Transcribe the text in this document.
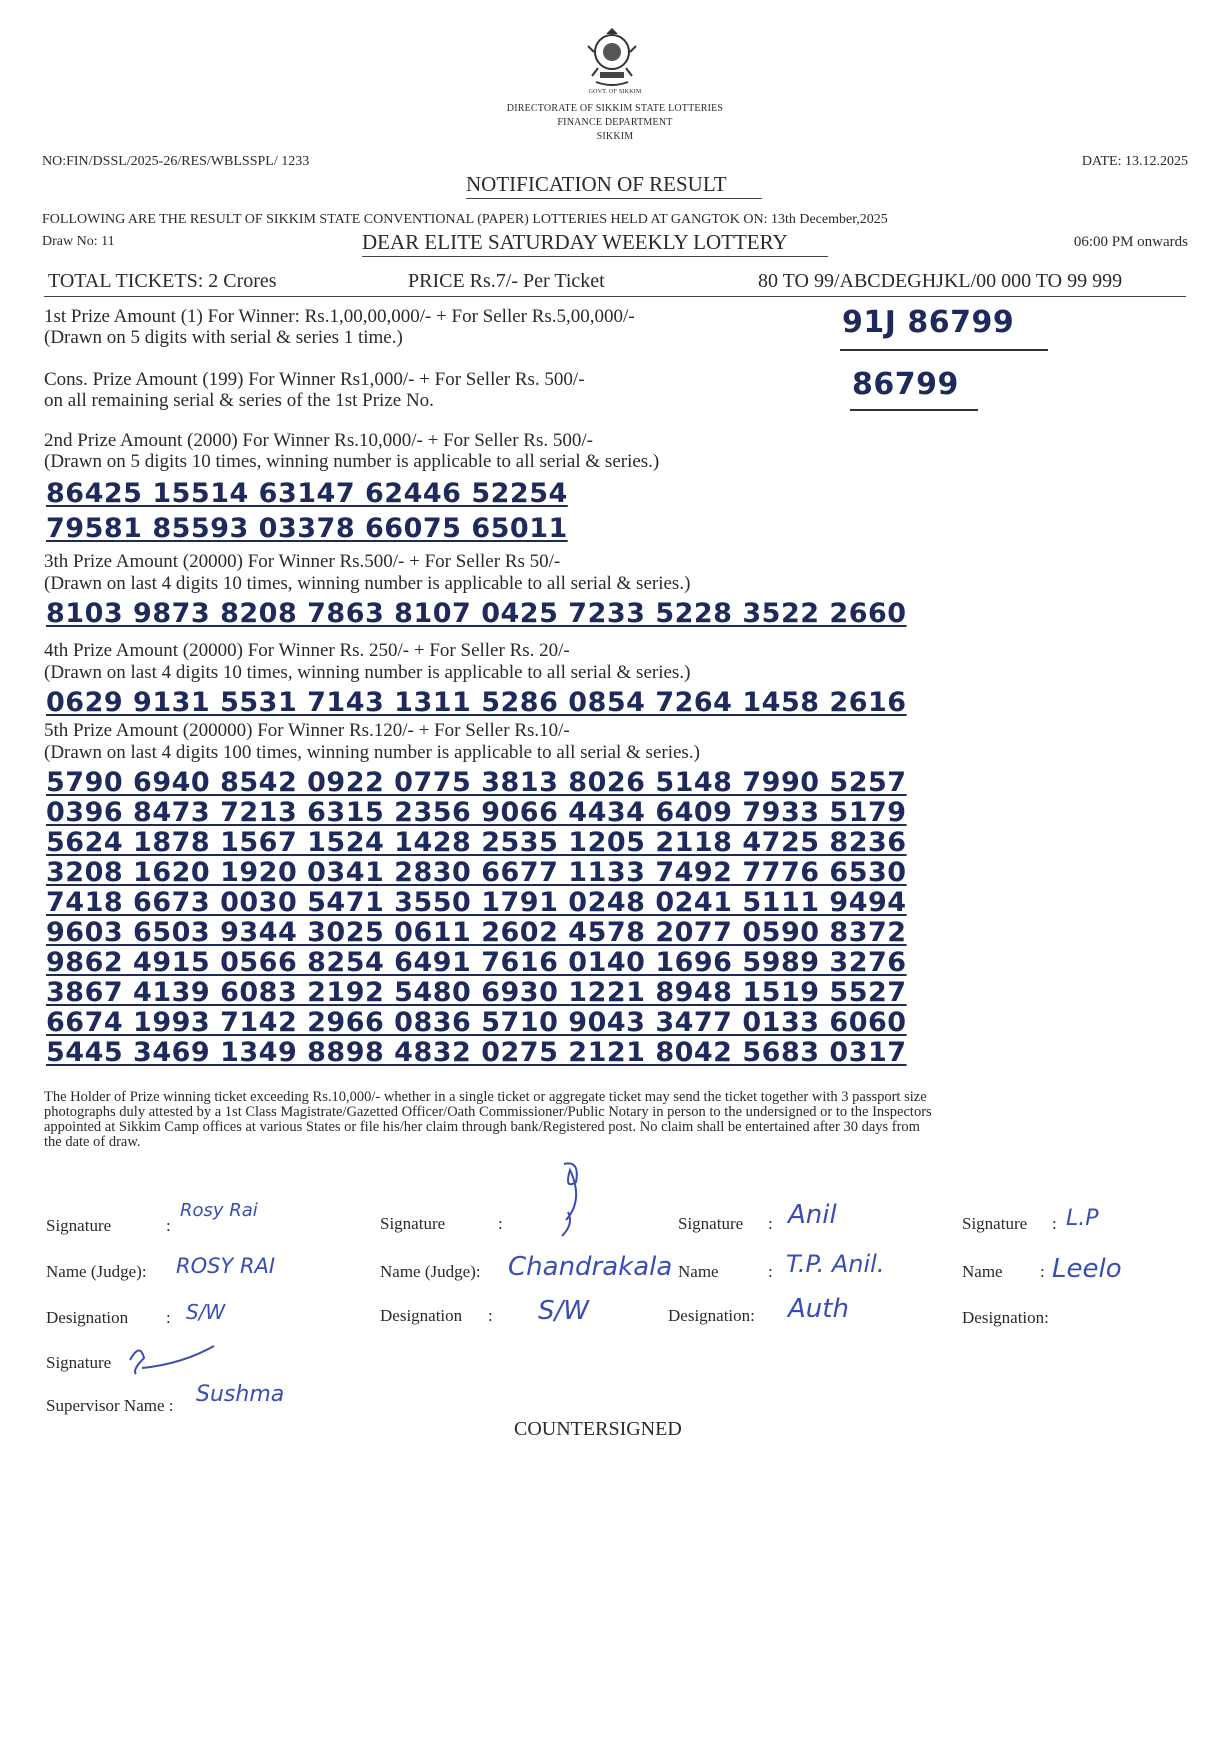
GOVT. OF SIKKIM
DIRECTORATE OF SIKKIM STATE LOTTERIES
FINANCE DEPARTMENT
SIKKIM
NO:FIN/DSSL/2025-26/RES/WBLSSPL/ 1233	DATE: 13.12.2025
NOTIFICATION OF RESULT
FOLLOWING ARE THE RESULT OF SIKKIM STATE CONVENTIONAL (PAPER) LOTTERIES HELD AT GANGTOK ON: 13th December,2025
Draw No: 11	DEAR ELITE SATURDAY WEEKLY LOTTERY	06:00 PM onwards
TOTAL TICKETS: 2 Crores	PRICE Rs.7/- Per Ticket	80 TO 99/ABCDEGHJKL/00 000 TO 99 999
1st Prize Amount (1) For Winner: Rs.1,00,00,000/- + For Seller Rs.5,00,000/-
(Drawn on 5 digits with serial & series 1 time.)	91J 86799
Cons. Prize Amount (199) For Winner Rs1,000/- + For Seller Rs. 500/-
on all remaining serial & series of the 1st Prize No.	86799
2nd Prize Amount (2000) For Winner Rs.10,000/- + For Seller Rs. 500/-
(Drawn on 5 digits 10 times, winning number is applicable to all serial & series.)
86425 15514 63147 62446 52254
79581 85593 03378 66075 65011
3th Prize Amount (20000) For Winner Rs.500/- + For Seller Rs 50/-
(Drawn on last 4 digits 10 times, winning number is applicable to all serial & series.)
8103 9873 8208 7863 8107 0425 7233 5228 3522 2660
4th Prize Amount (20000) For Winner Rs. 250/- + For Seller Rs. 20/-
(Drawn on last 4 digits 10 times, winning number is applicable to all serial & series.)
0629 9131 5531 7143 1311 5286 0854 7264 1458 2616
5th Prize Amount (200000) For Winner Rs.120/- + For Seller Rs.10/-
(Drawn on last 4 digits 100 times, winning number is applicable to all serial & series.)
5790 6940 8542 0922 0775 3813 8026 5148 7990 5257
0396 8473 7213 6315 2356 9066 4434 6409 7933 5179
5624 1878 1567 1524 1428 2535 1205 2118 4725 8236
3208 1620 1920 0341 2830 6677 1133 7492 7776 6530
7418 6673 0030 5471 3550 1791 0248 0241 5111 9494
9603 6503 9344 3025 0611 2602 4578 2077 0590 8372
9862 4915 0566 8254 6491 7616 0140 1696 5989 3276
3867 4139 6083 2192 5480 6930 1221 8948 1519 5527
6674 1993 7142 2966 0836 5710 9043 3477 0133 6060
5445 3469 1349 8898 4832 0275 2121 8042 5683 0317
The Holder of Prize winning ticket exceeding Rs.10,000/- whether in a single ticket or aggregate ticket may send the ticket together with 3 passport size
photographs duly attested by a 1st Class Magistrate/Gazetted Officer/Oath Commissioner/Public Notary in person to the undersigned or to the Inspectors
appointed at Sikkim Camp offices at various States or file his/her claim through bank/Registered post. No claim shall be entertained after 30 days from
the date of draw.
Signature	:
Rosy Rai
Name (Judge): ROSY RAI
Designation : S/W
Signature
Supervisor Name : Sushma
Signature	:
Name (Judge): Chandrakala
Designation : S/W
Signature : Anil
Name	: T.P. Anil.
Designation: Auth
Signature : L.P
Name : Leelo
Designation:
COUNTERSIGNED
